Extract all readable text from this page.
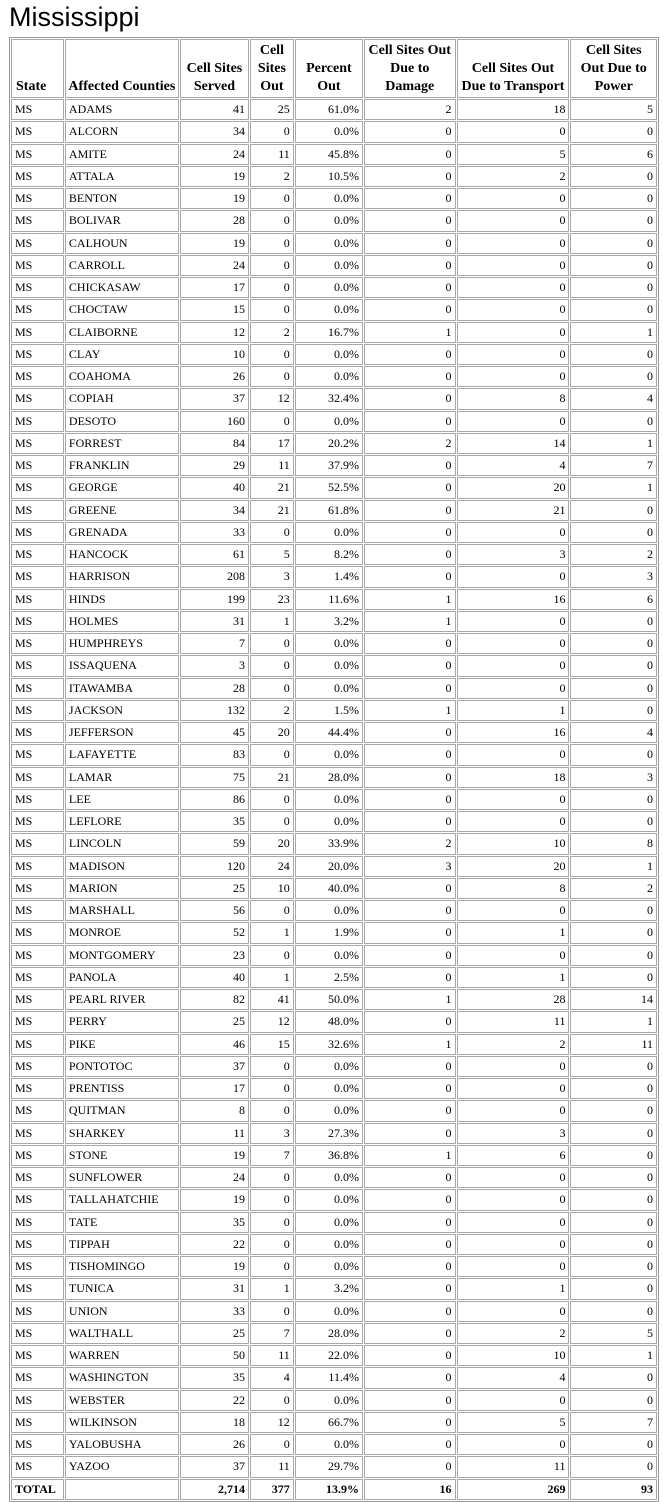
Mississippi
State	Affected Counties	Cell Sites Served	Cell Sites Out	Percent Out	Cell Sites Out Due to Damage	Cell Sites Out Due to Transport	Cell Sites Out Due to Power
MS	ADAMS	41	25	61.0%	2	18	5
MS	ALCORN	34	0	0.0%	0	0	0
MS	AMITE	24	11	45.8%	0	5	6
MS	ATTALA	19	2	10.5%	0	2	0
MS	BENTON	19	0	0.0%	0	0	0
MS	BOLIVAR	28	0	0.0%	0	0	0
MS	CALHOUN	19	0	0.0%	0	0	0
MS	CARROLL	24	0	0.0%	0	0	0
MS	CHICKASAW	17	0	0.0%	0	0	0
MS	CHOCTAW	15	0	0.0%	0	0	0
MS	CLAIBORNE	12	2	16.7%	1	0	1
MS	CLAY	10	0	0.0%	0	0	0
MS	COAHOMA	26	0	0.0%	0	0	0
MS	COPIAH	37	12	32.4%	0	8	4
MS	DESOTO	160	0	0.0%	0	0	0
MS	FORREST	84	17	20.2%	2	14	1
MS	FRANKLIN	29	11	37.9%	0	4	7
MS	GEORGE	40	21	52.5%	0	20	1
MS	GREENE	34	21	61.8%	0	21	0
MS	GRENADA	33	0	0.0%	0	0	0
MS	HANCOCK	61	5	8.2%	0	3	2
MS	HARRISON	208	3	1.4%	0	0	3
MS	HINDS	199	23	11.6%	1	16	6
MS	HOLMES	31	1	3.2%	1	0	0
MS	HUMPHREYS	7	0	0.0%	0	0	0
MS	ISSAQUENA	3	0	0.0%	0	0	0
MS	ITAWAMBA	28	0	0.0%	0	0	0
MS	JACKSON	132	2	1.5%	1	1	0
MS	JEFFERSON	45	20	44.4%	0	16	4
MS	LAFAYETTE	83	0	0.0%	0	0	0
MS	LAMAR	75	21	28.0%	0	18	3
MS	LEE	86	0	0.0%	0	0	0
MS	LEFLORE	35	0	0.0%	0	0	0
MS	LINCOLN	59	20	33.9%	2	10	8
MS	MADISON	120	24	20.0%	3	20	1
MS	MARION	25	10	40.0%	0	8	2
MS	MARSHALL	56	0	0.0%	0	0	0
MS	MONROE	52	1	1.9%	0	1	0
MS	MONTGOMERY	23	0	0.0%	0	0	0
MS	PANOLA	40	1	2.5%	0	1	0
MS	PEARL RIVER	82	41	50.0%	1	28	14
MS	PERRY	25	12	48.0%	0	11	1
MS	PIKE	46	15	32.6%	1	2	11
MS	PONTOTOC	37	0	0.0%	0	0	0
MS	PRENTISS	17	0	0.0%	0	0	0
MS	QUITMAN	8	0	0.0%	0	0	0
MS	SHARKEY	11	3	27.3%	0	3	0
MS	STONE	19	7	36.8%	1	6	0
MS	SUNFLOWER	24	0	0.0%	0	0	0
MS	TALLAHATCHIE	19	0	0.0%	0	0	0
MS	TATE	35	0	0.0%	0	0	0
MS	TIPPAH	22	0	0.0%	0	0	0
MS	TISHOMINGO	19	0	0.0%	0	0	0
MS	TUNICA	31	1	3.2%	0	1	0
MS	UNION	33	0	0.0%	0	0	0
MS	WALTHALL	25	7	28.0%	0	2	5
MS	WARREN	50	11	22.0%	0	10	1
MS	WASHINGTON	35	4	11.4%	0	4	0
MS	WEBSTER	22	0	0.0%	0	0	0
MS	WILKINSON	18	12	66.7%	0	5	7
MS	YALOBUSHA	26	0	0.0%	0	0	0
MS	YAZOO	37	11	29.7%	0	11	0
TOTAL		2,714	377	13.9%	16	269	93
